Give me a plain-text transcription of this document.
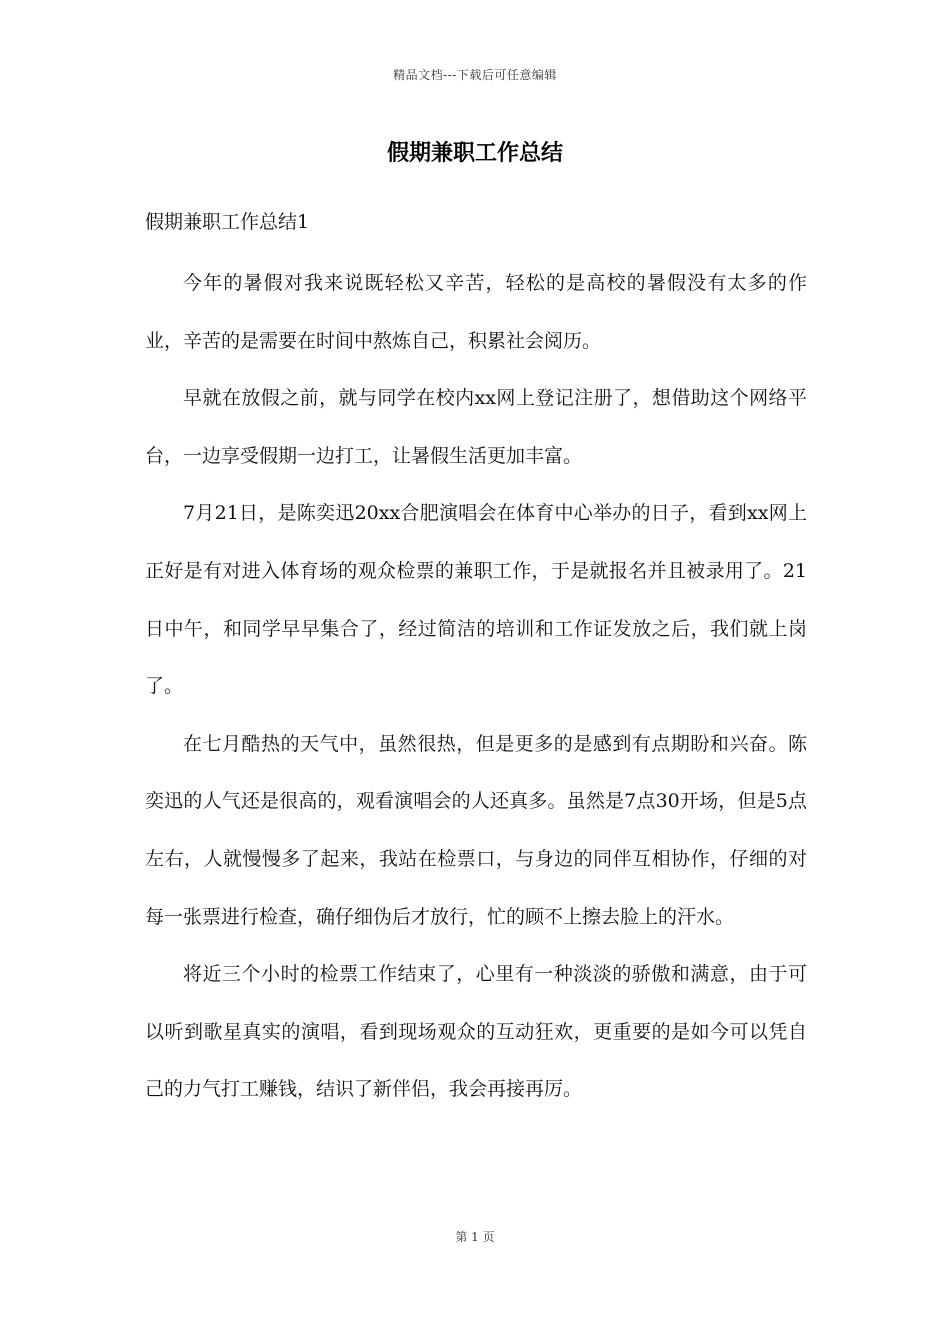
精品文档---下载后可任意编辑
假期兼职工作总结
假期兼职工作总结1

今年的暑假对我来说既轻松又辛苦，轻松的是高校的暑假没有太多的作业，辛苦的是需要在时间中熬炼自己，积累社会阅历。

早就在放假之前，就与同学在校内xx网上登记注册了，想借助这个网络平台，一边享受假期一边打工，让暑假生活更加丰富。

7月21日，是陈奕迅20xx合肥演唱会在体育中心举办的日子，看到xx网上正好是有对进入体育场的观众检票的兼职工作，于是就报名并且被录用了。21日中午，和同学早早集合了，经过简洁的培训和工作证发放之后，我们就上岗了。

在七月酷热的天气中，虽然很热，但是更多的是感到有点期盼和兴奋。陈奕迅的人气还是很高的，观看演唱会的人还真多。虽然是7点30开场，但是5点左右，人就慢慢多了起来，我站在检票口，与身边的同伴互相协作，仔细的对每一张票进行检查，确仔细伪后才放行，忙的顾不上擦去脸上的汗水。

将近三个小时的检票工作结束了，心里有一种淡淡的骄傲和满意，由于可以听到歌星真实的演唱，看到现场观众的互动狂欢，更重要的是如今可以凭自己的力气打工赚钱，结识了新伴侣，我会再接再厉。

第 1 页
